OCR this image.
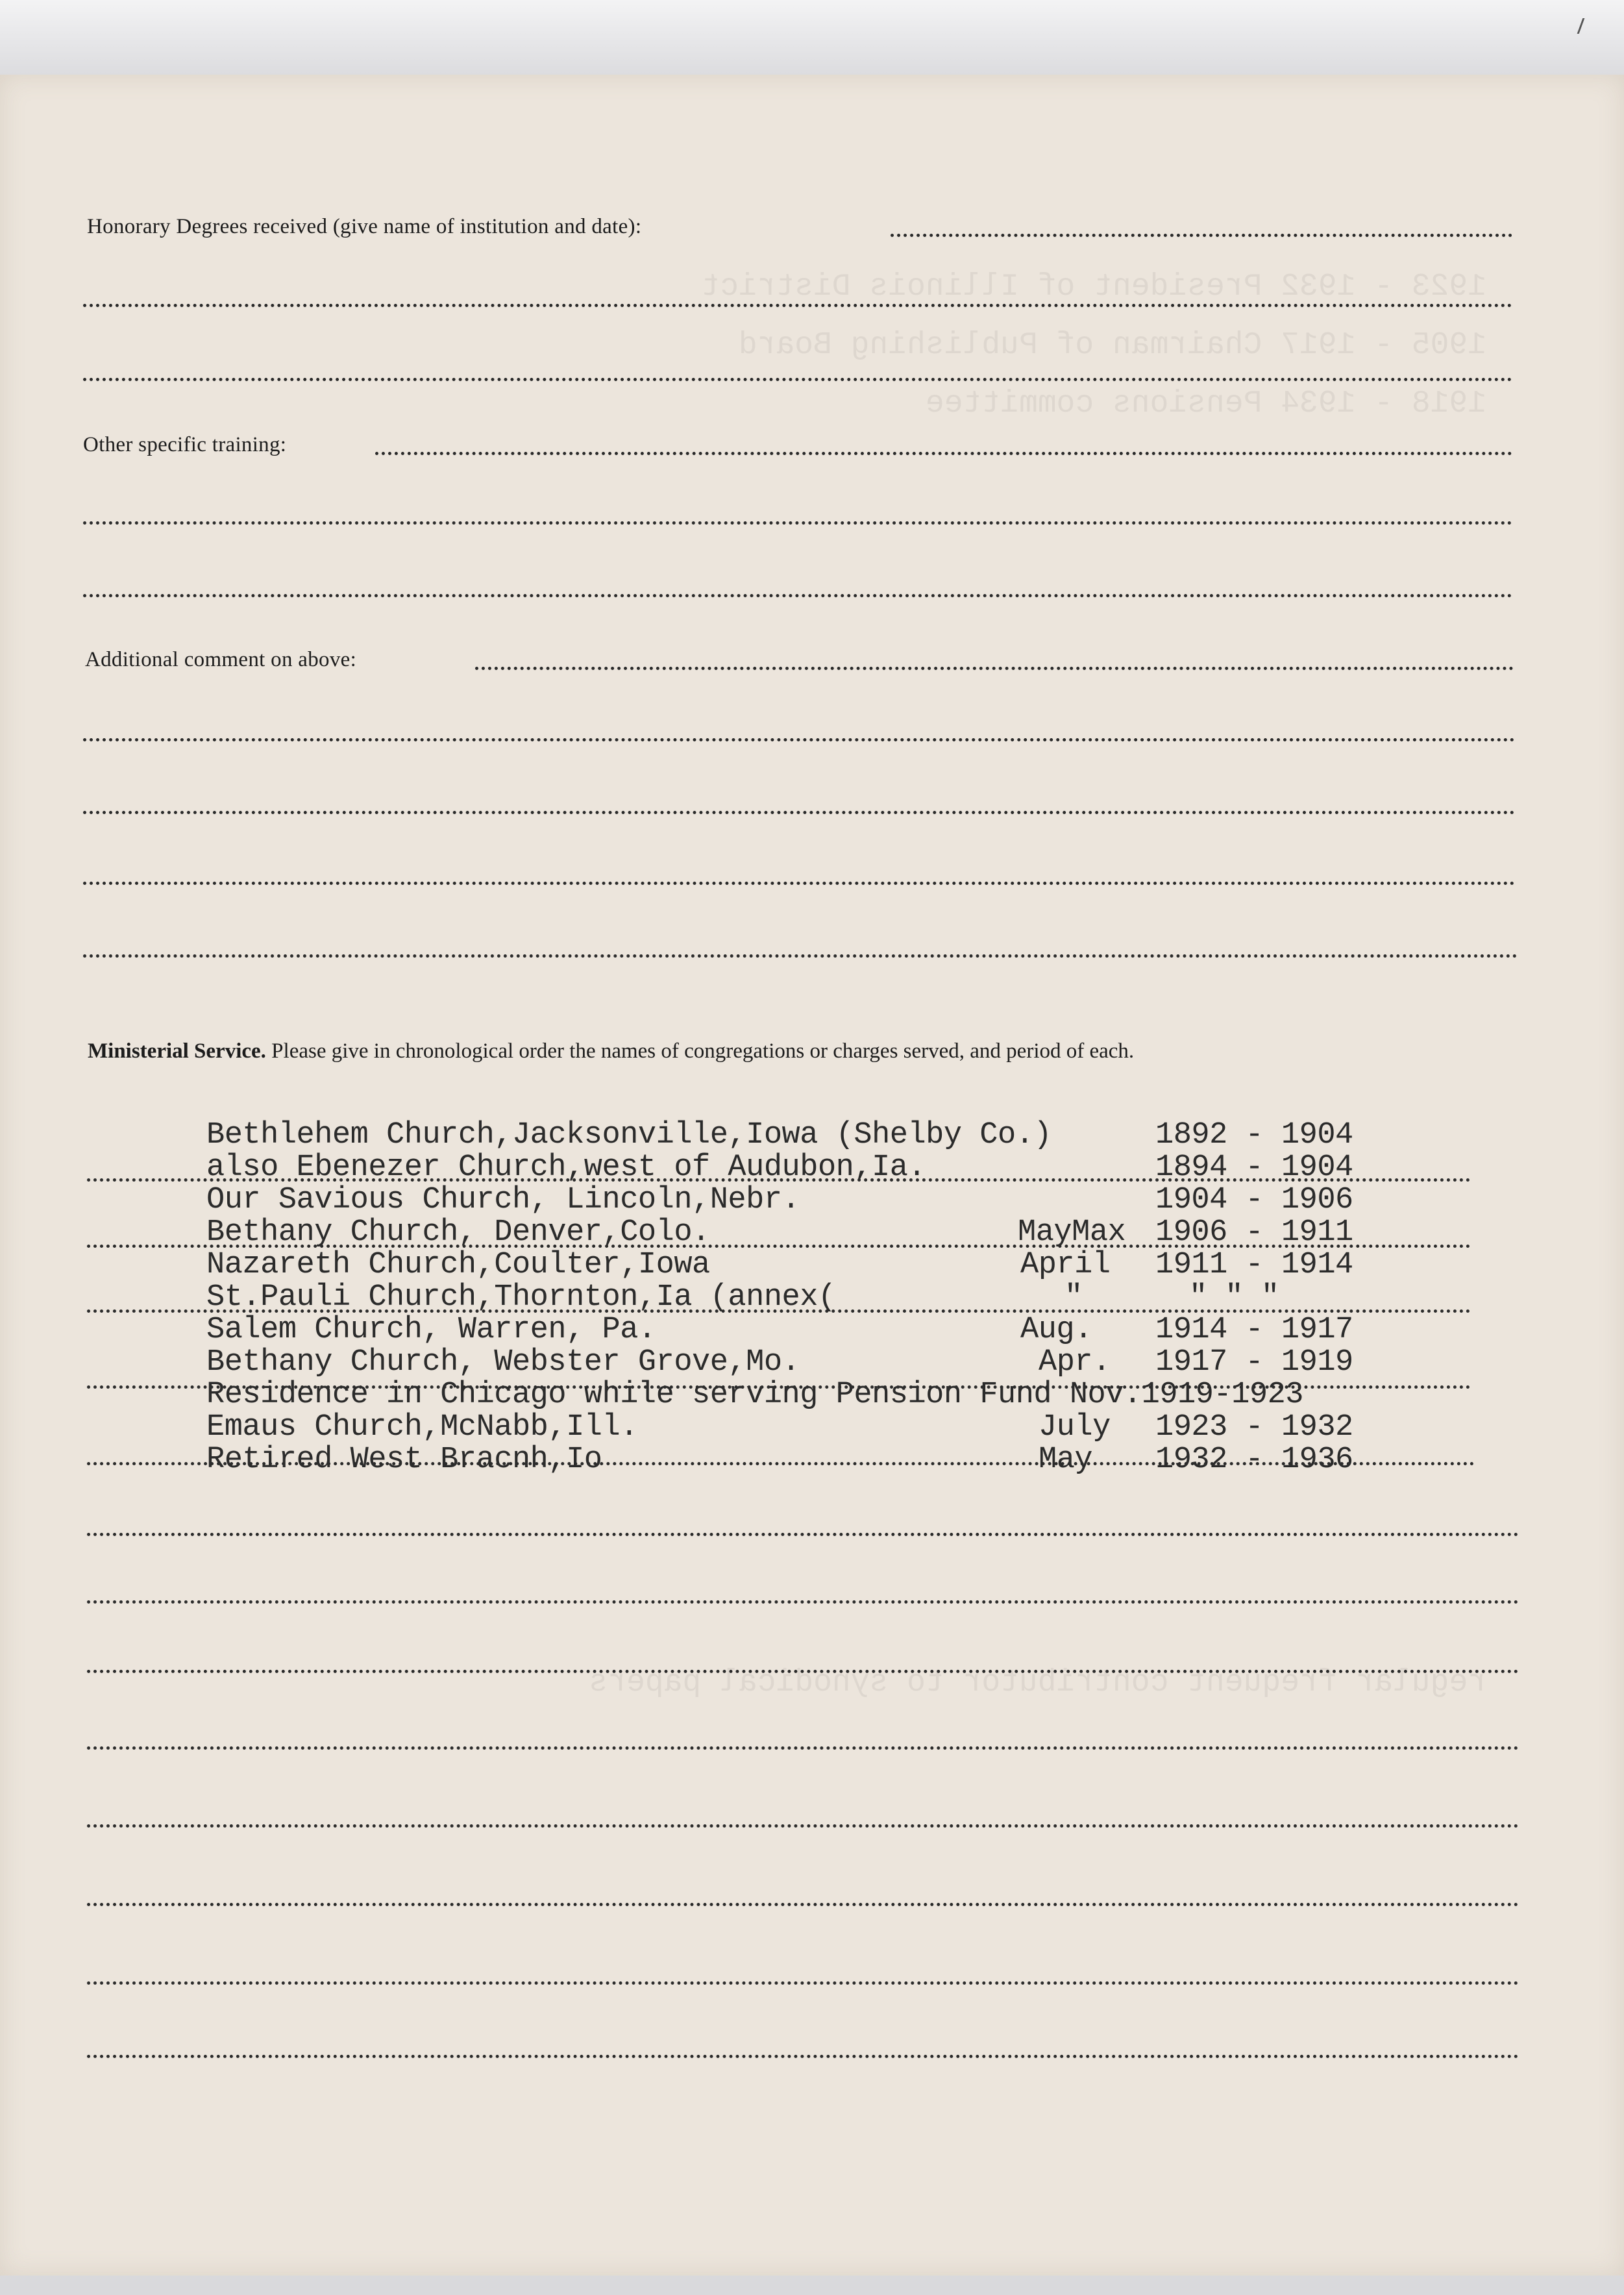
1923 - 1932 President of Illinois District
1905 - 1917 Chairman of Publishing Board
1918 - 1934 Pensions committee
regular frequent contributor to synodical papers
Honorary Degrees received (give name of institution and date):
Other specific training:
Additional comment on above:
Ministerial Service. Please give in chronological order the names of congregations or charges served, and period of each.
Bethlehem Church,Jacksonville,Iowa (Shelby Co.)	1892 - 1904
also Ebenezer Church,west of Audubon,Ia.	1894 - 1904
Our Savious Church, Lincoln,Nebr.	1904 - 1906
Bethany Church, Denver,Colo.	MayMax 1906 - 1911
Nazareth Church,Coulter,Iowa	April 1911 - 1914
St.Pauli Church,Thornton,Ia (annex(	"	" " "
Salem Church, Warren, Pa.	Aug. 1914 - 1917
Bethany Church, Webster Grove,Mo.	Apr. 1917 - 1919
Residence in Chicago while serving Pension Fund Nov.1919-1923
Emaus Church,McNabb,Ill.	July 1923 - 1932
Retired West Bracnh,Io	May 1932 - 1936
